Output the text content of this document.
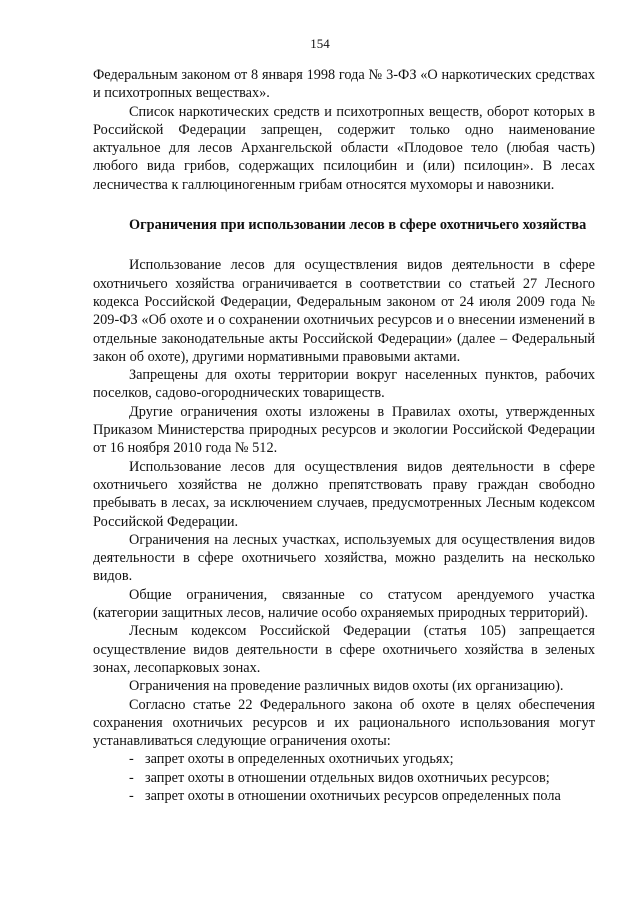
154

Федеральным законом от 8 января 1998 года № 3-ФЗ «О наркотических средствах и психотропных веществах».

Список наркотических средств и психотропных веществ, оборот которых в Российской Федерации запрещен, содержит только одно наименование актуальное для лесов Архангельской области «Плодовое тело (любая часть) любого вида грибов, содержащих псилоцибин и (или) псилоцин». В лесах лесничества к галлюциногенным грибам относятся мухоморы и навозники.

Ограничения при использовании лесов в сфере охотничьего хозяйства

Использование лесов для осуществления видов деятельности в сфере охотничьего хозяйства ограничивается в соответствии со статьей 27 Лесного кодекса Российской Федерации, Федеральным законом от 24 июля 2009 года № 209-ФЗ «Об охоте и о сохранении охотничьих ресурсов и о внесении изменений в отдельные законодательные акты Российской Федерации» (далее – Федеральный закон об охоте), другими нормативными правовыми актами.

Запрещены для охоты территории вокруг населенных пунктов, рабочих поселков, садово-огороднических товариществ.

Другие ограничения охоты изложены в Правилах охоты, утвержденных Приказом Министерства природных ресурсов и экологии Российской Федерации от 16 ноября 2010 года № 512.

Использование лесов для осуществления видов деятельности в сфере охотничьего хозяйства не должно препятствовать праву граждан свободно пребывать в лесах, за исключением случаев, предусмотренных Лесным кодексом Российской Федерации.

Ограничения на лесных участках, используемых для осуществления видов деятельности в сфере охотничьего хозяйства, можно разделить на несколько видов.

Общие ограничения, связанные со статусом арендуемого участка (категории защитных лесов, наличие особо охраняемых природных территорий).

Лесным кодексом Российской Федерации (статья 105) запрещается осуществление видов деятельности в сфере охотничьего хозяйства в зеленых зонах, лесопарковых зонах.

Ограничения на проведение различных видов охоты (их организацию).

Согласно статье 22 Федерального закона об охоте в целях обеспечения сохранения охотничьих ресурсов и их рационального использования могут устанавливаться следующие ограничения охоты:

- запрет охоты в определенных охотничьих угодьях;
- запрет охоты в отношении отдельных видов охотничьих ресурсов;
- запрет охоты в отношении охотничьих ресурсов определенных пола
